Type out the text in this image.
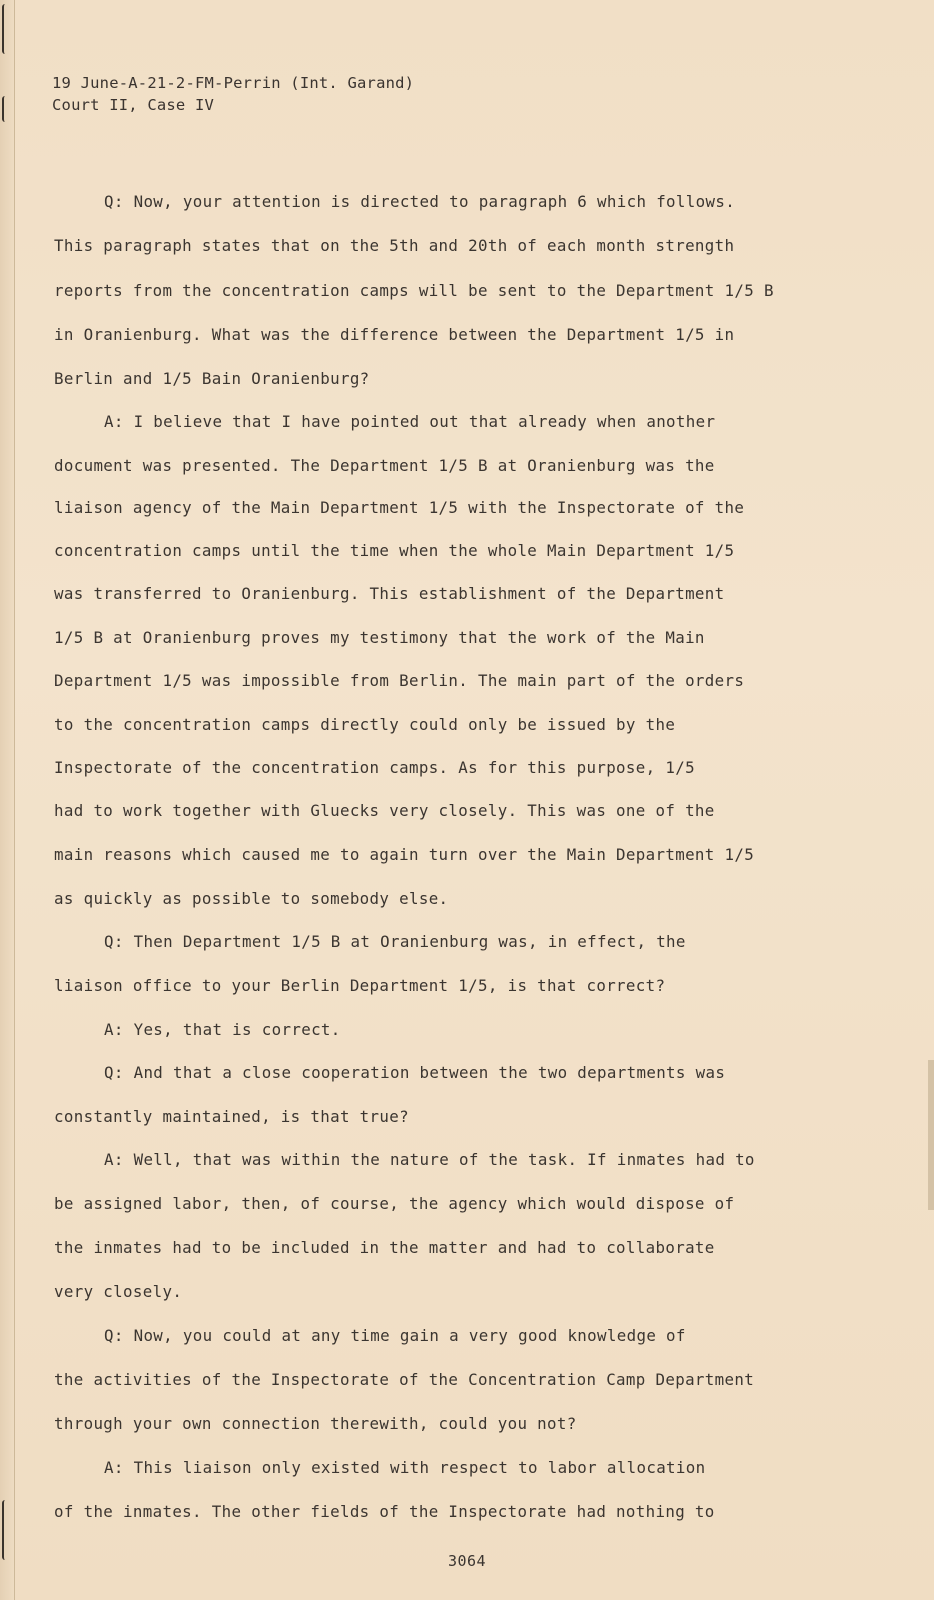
19 June-A-21-2-FM-Perrin (Int. Garand)
Court II, Case IV
Q: Now, your attention is directed to paragraph 6 which follows.
This paragraph states that on the 5th and 20th of each month strength
reports from the concentration camps will be sent to the Department 1/5 B
in Oranienburg. What was the difference between the Department 1/5 in
Berlin and 1/5 Bain Oranienburg?
A: I believe that I have pointed out that already when another
document was presented. The Department 1/5 B at Oranienburg was the
liaison agency of the Main Department 1/5 with the Inspectorate of the
concentration camps until the time when the whole Main Department 1/5
was transferred to Oranienburg. This establishment of the Department
1/5 B at Oranienburg proves my testimony that the work of the Main
Department 1/5 was impossible from Berlin. The main part of the orders
to the concentration camps directly could only be issued by the
Inspectorate of the concentration camps. As for this purpose, 1/5
had to work together with Gluecks very closely. This was one of the
main reasons which caused me to again turn over the Main Department 1/5
as quickly as possible to somebody else.
Q: Then Department 1/5 B at Oranienburg was, in effect, the
liaison office to your Berlin Department 1/5, is that correct?
A: Yes, that is correct.
Q: And that a close cooperation between the two departments was
constantly maintained, is that true?
A: Well, that was within the nature of the task. If inmates had to
be assigned labor, then, of course, the agency which would dispose of
the inmates had to be included in the matter and had to collaborate
very closely.
Q: Now, you could at any time gain a very good knowledge of
the activities of the Inspectorate of the Concentration Camp Department
through your own connection therewith, could you not?
A: This liaison only existed with respect to labor allocation
of the inmates. The other fields of the Inspectorate had nothing to
3064
